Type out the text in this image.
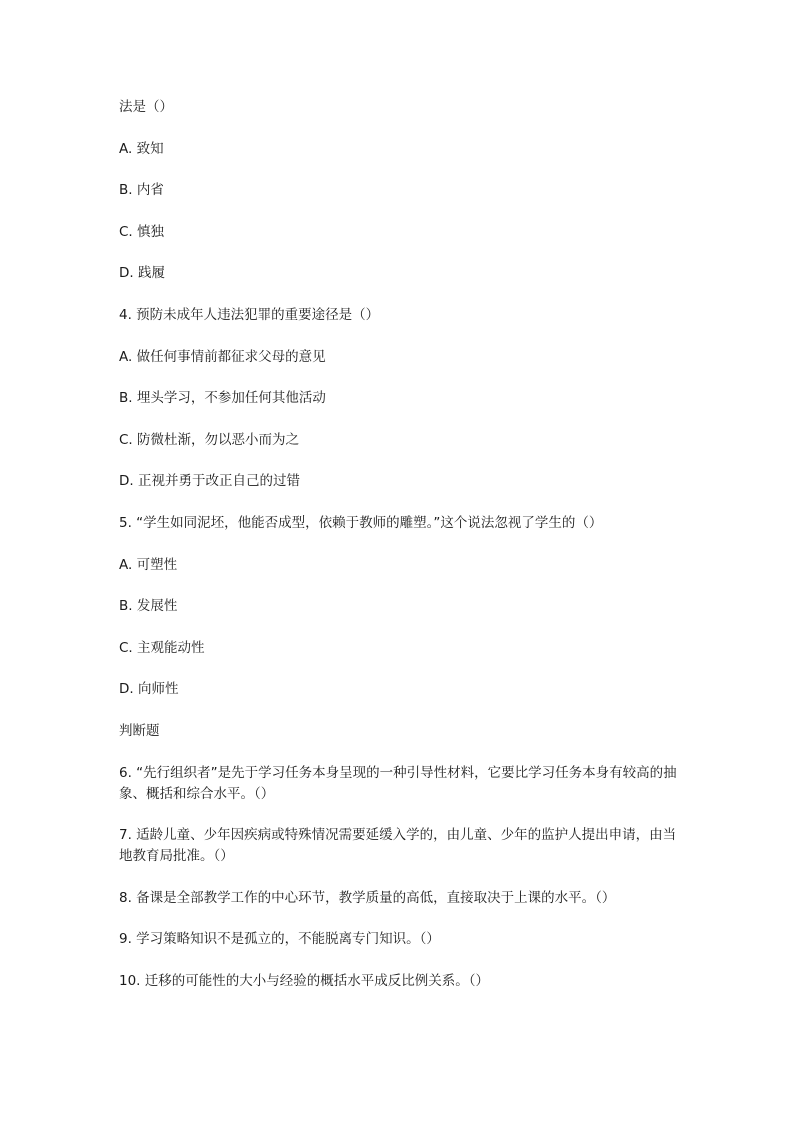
法是（）

A. 致知

B. 内省

C. 慎独

D. 践履

4. 预防未成年人违法犯罪的重要途径是（）

A. 做任何事情前都征求父母的意见

B. 埋头学习，不参加任何其他活动

C. 防微杜渐，勿以恶小而为之

D. 正视并勇于改正自己的过错

5. “学生如同泥坯，他能否成型，依赖于教师的雕塑。”这个说法忽视了学生的（）

A. 可塑性

B. 发展性

C. 主观能动性

D. 向师性

判断题

6. “先行组织者”是先于学习任务本身呈现的一种引导性材料，它要比学习任务本身有较高的抽象、概括和综合水平。（）

7. 适龄儿童、少年因疾病或特殊情况需要延缓入学的，由儿童、少年的监护人提出申请，由当地教育局批准。（）

8. 备课是全部教学工作的中心环节，教学质量的高低，直接取决于上课的水平。（）

9. 学习策略知识不是孤立的，不能脱离专门知识。（）

10. 迁移的可能性的大小与经验的概括水平成反比例关系。（）
